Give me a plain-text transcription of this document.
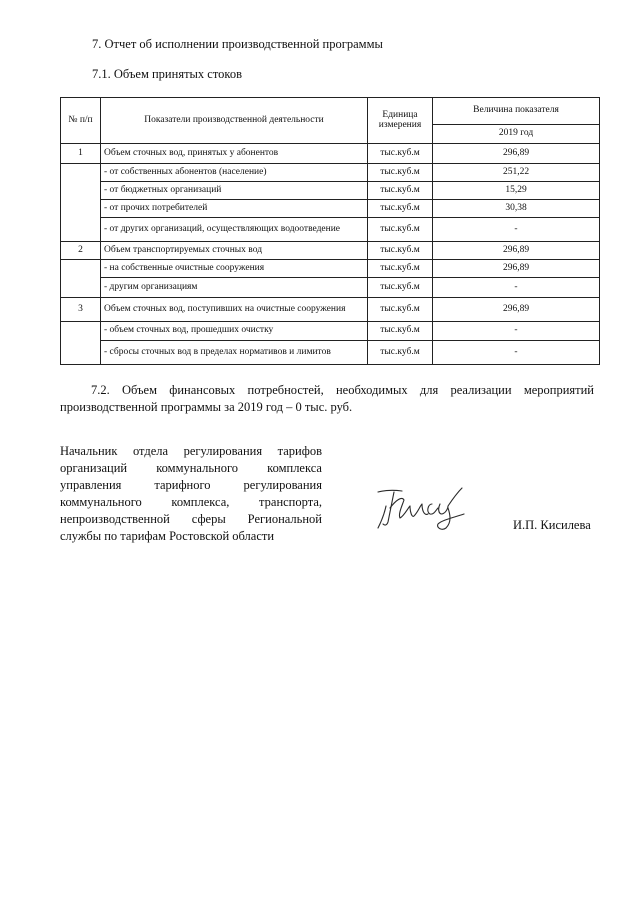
7. Отчет об исполнении производственной программы
7.1. Объем принятых стоков
№ п/п	Показатели производственной деятельности	Единица измерения	Величина показателя
			2019 год
1	Объем сточных вод, принятых у абонентов	тыс.куб.м	296,89
	- от собственных абонентов (население)	тыс.куб.м	251,22
	- от бюджетных организаций	тыс.куб.м	15,29
	- от прочих потребителей	тыс.куб.м	30,38
	- от других организаций, осуществляющих водоотведение	тыс.куб.м	-
2	Объем транспортируемых сточных вод	тыс.куб.м	296,89
	- на собственные очистные сооружения	тыс.куб.м	296,89
	- другим организациям	тыс.куб.м	-
3	Объем сточных вод, поступивших на очистные сооружения	тыс.куб.м	296,89
	- объем сточных вод, прошедших очистку	тыс.куб.м	-
	- сбросы сточных вод в пределах нормативов и лимитов	тыс.куб.м	-
7.2. Объем финансовых потребностей, необходимых для реализации мероприятий производственной программы за 2019 год – 0 тыс. руб.
Начальник отдела регулирования тарифов
организаций коммунального комплекса
управления тарифного регулирования
коммунального комплекса, транспорта,
непроизводственной сферы Региональной
службы по тарифам Ростовской области
И.П. Кисилева
